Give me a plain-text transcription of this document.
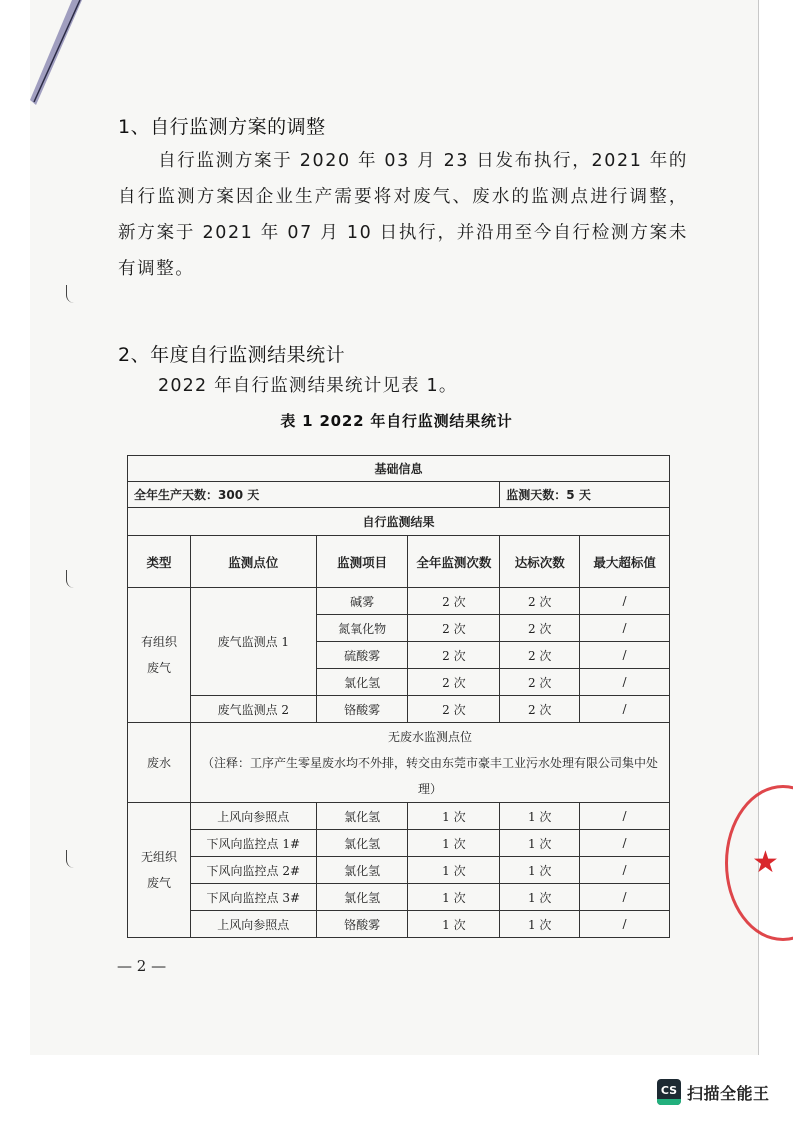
1、自行监测方案的调整
自行监测方案于 2020 年 03 月 23 日发布执行，2021 年的自行监测方案因企业生产需要将对废气、废水的监测点进行调整，新方案于 2021 年 07 月 10 日执行，并沿用至今自行检测方案未有调整。
2、年度自行监测结果统计
2022 年自行监测结果统计见表 1。
表 1 2022 年自行监测结果统计
基础信息					
全年生产天数：300 天				监测天数：5 天	
自行监测结果					
类型	监测点位	监测项目	全年监测次数	达标次数	最大超标值
有组织废气	废气监测点 1	碱雾	2 次	2 次	/
		氮氧化物	2 次	2 次	/
		硫酸雾	2 次	2 次	/
		氯化氢	2 次	2 次	/
	废气监测点 2	铬酸雾	2 次	2 次	/
废水	无废水监测点位
（注释：工序产生零星废水均不外排，转交由东莞市豪丰工业污水处理有限公司集中处理）				

无组织废气	上风向参照点	氯化氢	1 次	1 次	/
	下风向监控点 1#	氯化氢	1 次	1 次	/
	下风向监控点 2#	氯化氢	1 次	1 次	/
	下风向监控点 3#	氯化氢	1 次	1 次	/
	上风向参照点	铬酸雾	1 次	1 次	/
— 2 —
★
CS 扫描全能王
